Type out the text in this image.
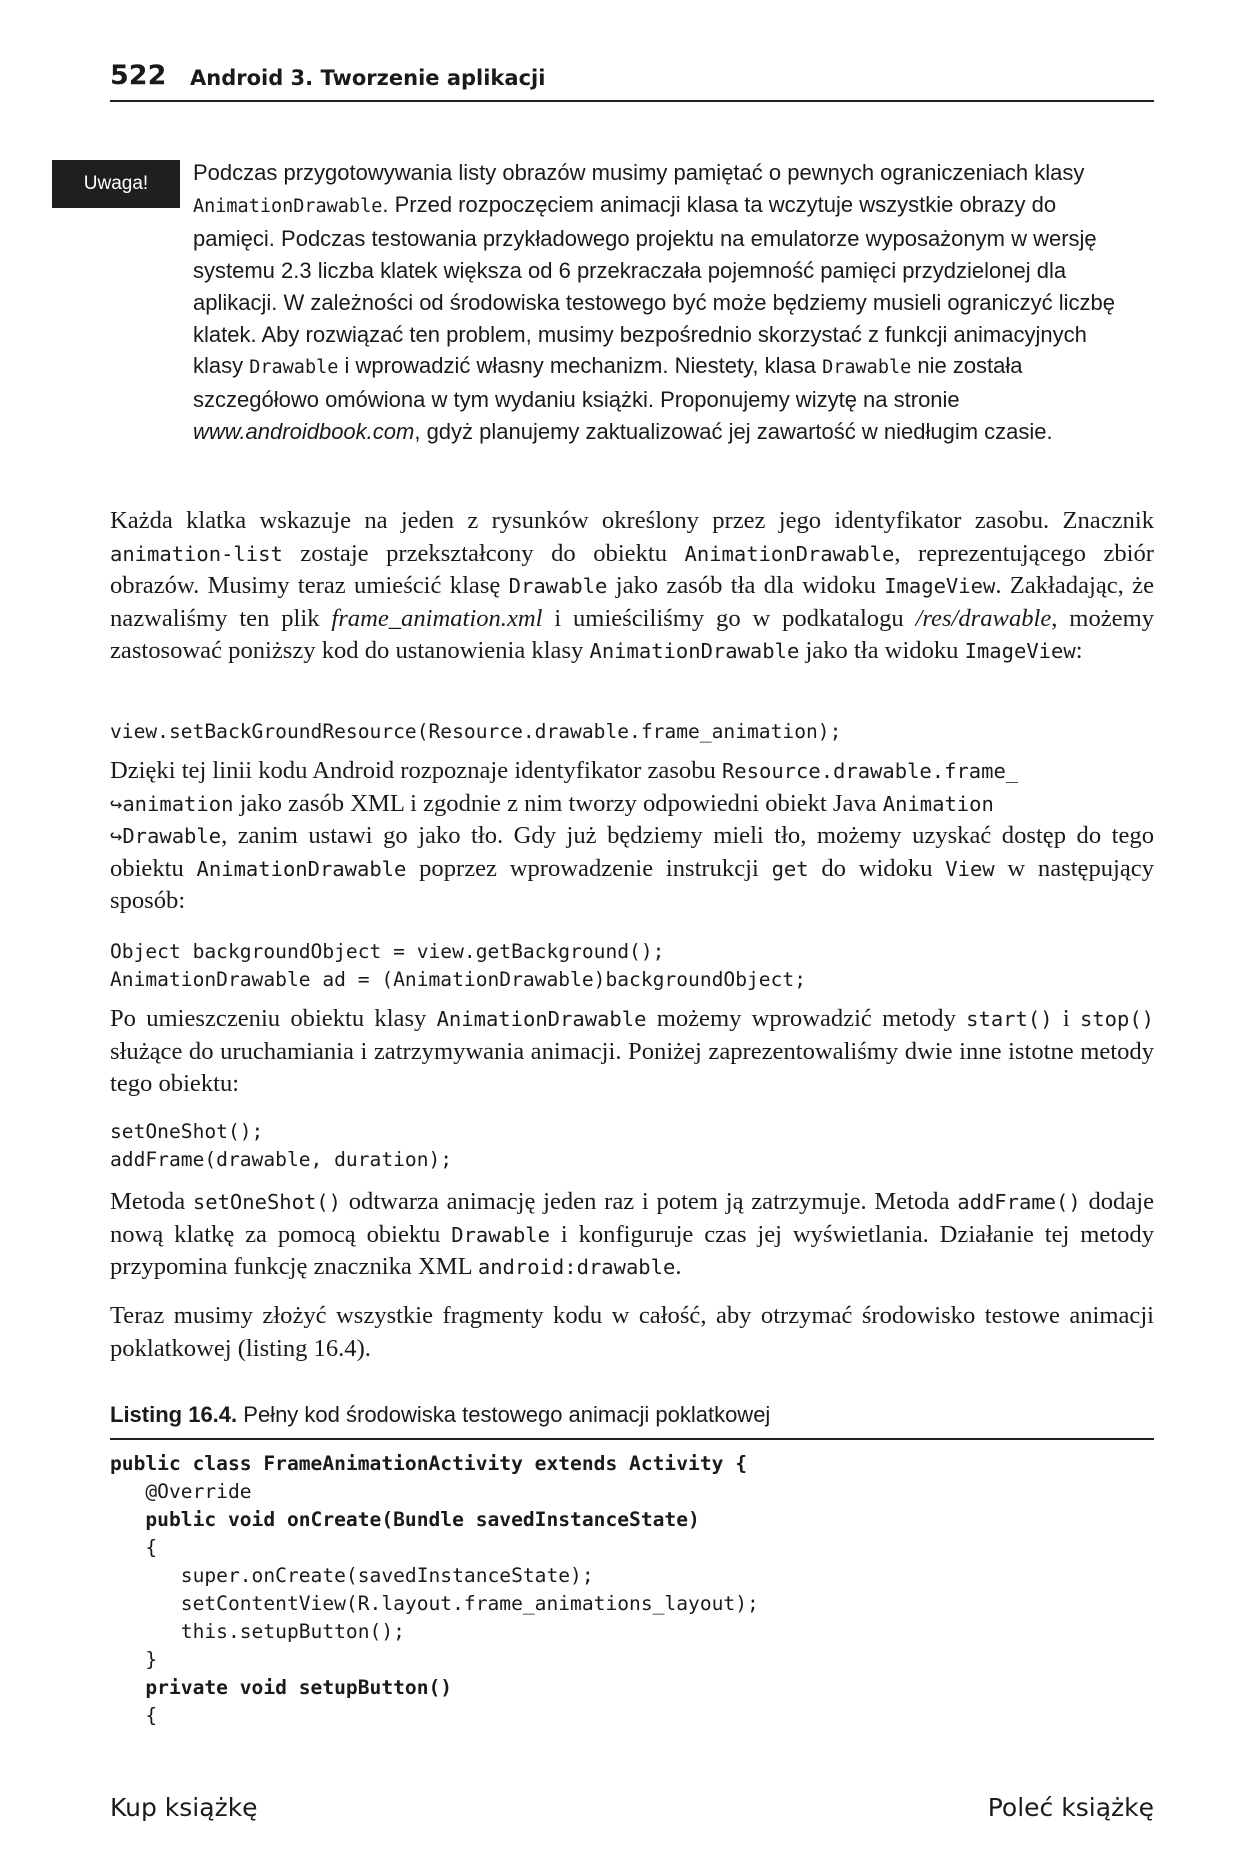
522 Android 3. Tworzenie aplikacji
Uwaga!	Podczas przygotowywania listy obrazów musimy pamiętać o pewnych ograniczeniach klasy AnimationDrawable. Przed rozpoczęciem animacji klasa ta wczytuje wszystkie obrazy do pamięci. Podczas testowania przykładowego projektu na emulatorze wyposażonym w wersję systemu 2.3 liczba klatek większa od 6 przekraczała pojemność pamięci przydzielonej dla aplikacji. W zależności od środowiska testowego być może będziemy musieli ograniczyć liczbę klatek. Aby rozwiązać ten problem, musimy bezpośrednio skorzystać z funkcji animacyjnych klasy Drawable i wprowadzić własny mechanizm. Niestety, klasa Drawable nie została szczegółowo omówiona w tym wydaniu książki. Proponujemy wizytę na stronie www.androidbook.com, gdyż planujemy zaktualizować jej zawartość w niedługim czasie.

Każda klatka wskazuje na jeden z rysunków określony przez jego identyfikator zasobu. Znacznik animation-list zostaje przekształcony do obiektu AnimationDrawable, reprezentującego zbiór obrazów. Musimy teraz umieścić klasę Drawable jako zasób tła dla widoku ImageView. Zakładając, że nazwaliśmy ten plik frame_animation.xml i umieściliśmy go w podkatalogu /res/drawable, możemy zastosować poniższy kod do ustanowienia klasy AnimationDrawable jako tła widoku ImageView:

view.setBackGroundResource(Resource.drawable.frame_animation);

Dzięki tej linii kodu Android rozpoznaje identyfikator zasobu Resource.drawable.frame_
↪animation jako zasób XML i zgodnie z nim tworzy odpowiedni obiekt Java Animation
↪Drawable, zanim ustawi go jako tło. Gdy już będziemy mieli tło, możemy uzyskać dostęp do tego obiektu AnimationDrawable poprzez wprowadzenie instrukcji get do widoku View w następujący sposób:

Object backgroundObject = view.getBackground();
AnimationDrawable ad = (AnimationDrawable)backgroundObject;

Po umieszczeniu obiektu klasy AnimationDrawable możemy wprowadzić metody start() i stop() służące do uruchamiania i zatrzymywania animacji. Poniżej zaprezentowaliśmy dwie inne istotne metody tego obiektu:

setOneShot();
addFrame(drawable, duration);

Metoda setOneShot() odtwarza animację jeden raz i potem ją zatrzymuje. Metoda addFrame() dodaje nową klatkę za pomocą obiektu Drawable i konfiguruje czas jej wyświetlania. Działanie tej metody przypomina funkcję znacznika XML android:drawable.

Teraz musimy złożyć wszystkie fragmenty kodu w całość, aby otrzymać środowisko testowe animacji poklatkowej (listing 16.4).

Listing 16.4. Pełny kod środowiska testowego animacji poklatkowej
public class FrameAnimationActivity extends Activity {
@Override
public void onCreate(Bundle savedInstanceState)
{
super.onCreate(savedInstanceState);
setContentView(R.layout.frame_animations_layout);
this.setupButton();
}
private void setupButton()
{
Kup książkę	Poleć książkę
